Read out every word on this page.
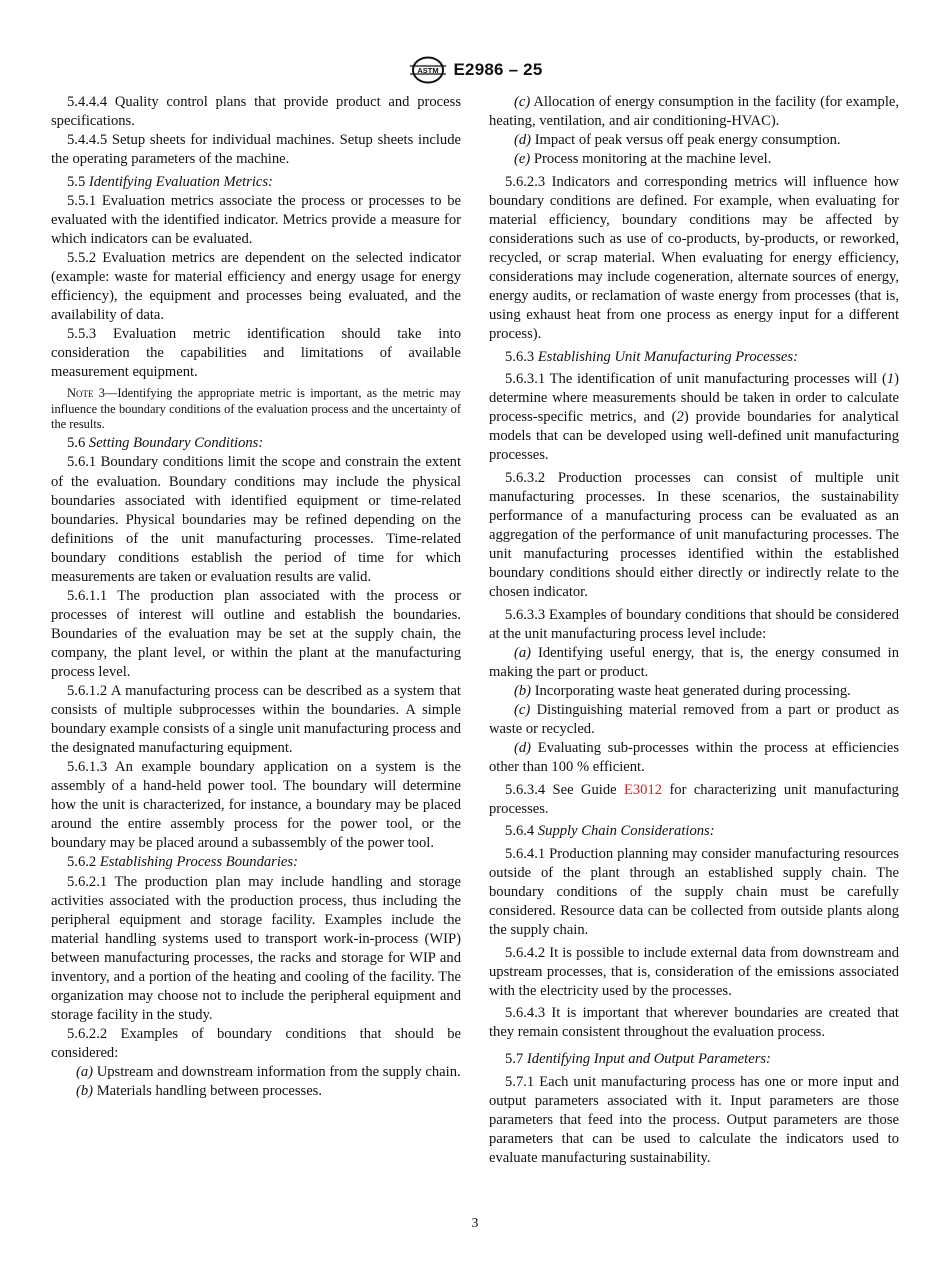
ASTM E2986 – 25

5.4.4.4 Quality control plans that provide product and process specifications.

5.4.4.5 Setup sheets for individual machines. Setup sheets include the operating parameters of the machine.

5.5 Identifying Evaluation Metrics:

5.5.1 Evaluation metrics associate the process or processes to be evaluated with the identified indicator. Metrics provide a measure for which indicators can be evaluated.

5.5.2 Evaluation metrics are dependent on the selected indicator (example: waste for material efficiency and energy usage for energy efficiency), the equipment and processes being evaluated, and the availability of data.

5.5.3 Evaluation metric identification should take into consideration the capabilities and limitations of available measurement equipment.

Note 3—Identifying the appropriate metric is important, as the metric may influence the boundary conditions of the evaluation process and the uncertainty of the results.

5.6 Setting Boundary Conditions:

5.6.1 Boundary conditions limit the scope and constrain the extent of the evaluation. Boundary conditions may include the physical boundaries associated with identified equipment or time-related boundaries. Physical boundaries may be refined depending on the definitions of the unit manufacturing processes. Time-related boundary conditions establish the period of time for which measurements are taken or evaluation results are valid.

5.6.1.1 The production plan associated with the process or processes of interest will outline and establish the boundaries. Boundaries of the evaluation may be set at the supply chain, the company, the plant level, or within the plant at the manufacturing process level.

5.6.1.2 A manufacturing process can be described as a system that consists of multiple subprocesses within the boundaries. A simple boundary example consists of a single unit manufacturing process and the designated manufacturing equipment.

5.6.1.3 An example boundary application on a system is the assembly of a hand-held power tool. The boundary will determine how the unit is characterized, for instance, a boundary may be placed around the entire assembly process for the power tool, or the boundary may be placed around a subassembly of the power tool.

5.6.2 Establishing Process Boundaries:

5.6.2.1 The production plan may include handling and storage activities associated with the production process, thus including the peripheral equipment and storage facility. Examples include the material handling systems used to transport work-in-process (WIP) between manufacturing processes, the racks and storage for WIP and inventory, and a portion of the heating and cooling of the facility. The organization may choose not to include the peripheral equipment and storage facility in the study.

5.6.2.2 Examples of boundary conditions that should be considered:

(a) Upstream and downstream information from the supply chain.

(b) Materials handling between processes.

(c) Allocation of energy consumption in the facility (for example, heating, ventilation, and air conditioning-HVAC).

(d) Impact of peak versus off peak energy consumption.

(e) Process monitoring at the machine level.

5.6.2.3 Indicators and corresponding metrics will influence how boundary conditions are defined. For example, when evaluating for material efficiency, boundary conditions may be affected by considerations such as use of co-products, by-products, or reworked, recycled, or scrap material. When evaluating for energy efficiency, considerations may include cogeneration, alternate sources of energy, energy audits, or reclamation of waste energy from processes (that is, using exhaust heat from one process as energy input for a different process).

5.6.3 Establishing Unit Manufacturing Processes:

5.6.3.1 The identification of unit manufacturing processes will (1) determine where measurements should be taken in order to calculate process-specific metrics, and (2) provide boundaries for analytical models that can be developed using well-defined unit manufacturing processes.

5.6.3.2 Production processes can consist of multiple unit manufacturing processes. In these scenarios, the sustainability performance of a manufacturing process can be evaluated as an aggregation of the performance of unit manufacturing processes. The unit manufacturing processes identified within the established boundary conditions should either directly or indirectly relate to the chosen indicator.

5.6.3.3 Examples of boundary conditions that should be considered at the unit manufacturing process level include:

(a) Identifying useful energy, that is, the energy consumed in making the part or product.

(b) Incorporating waste heat generated during processing.

(c) Distinguishing material removed from a part or product as waste or recycled.

(d) Evaluating sub-processes within the process at efficiencies other than 100 % efficient.

5.6.3.4 See Guide E3012 for characterizing unit manufacturing processes.

5.6.4 Supply Chain Considerations:

5.6.4.1 Production planning may consider manufacturing resources outside of the plant through an established supply chain. The boundary conditions of the supply chain must be carefully considered. Resource data can be collected from outside plants along the supply chain.

5.6.4.2 It is possible to include external data from downstream and upstream processes, that is, consideration of the emissions associated with the electricity used by the processes.

5.6.4.3 It is important that wherever boundaries are created that they remain consistent throughout the evaluation process.

5.7 Identifying Input and Output Parameters:

5.7.1 Each unit manufacturing process has one or more input and output parameters associated with it. Input parameters are those parameters that feed into the process. Output parameters are those parameters that can be used to calculate the indicators used to evaluate manufacturing sustainability.

3
